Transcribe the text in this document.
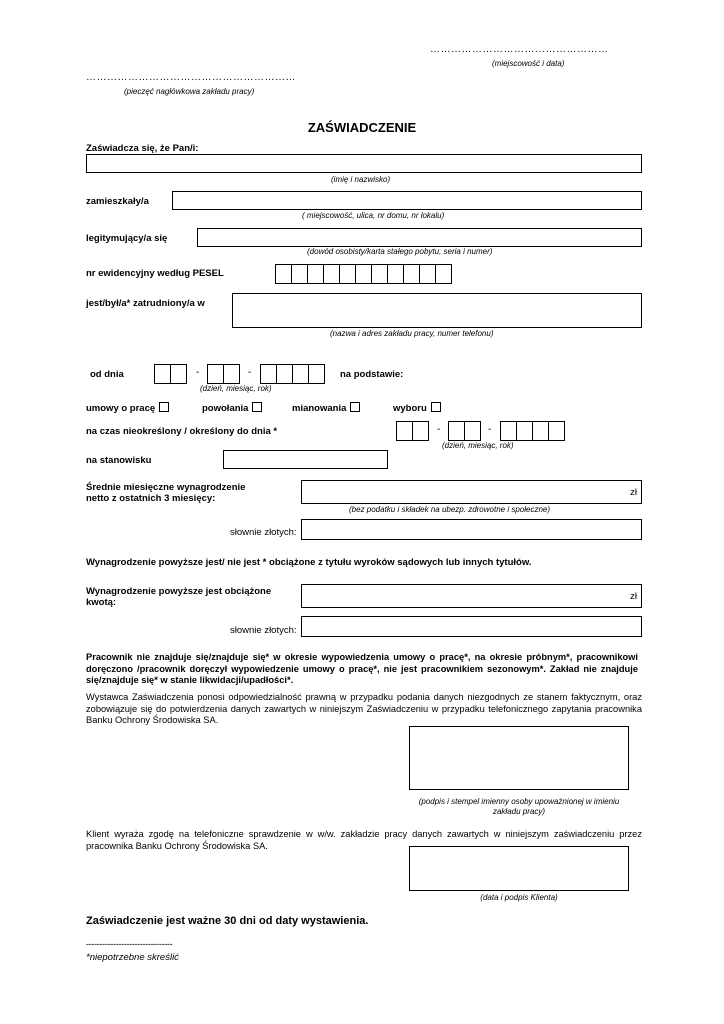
……………………………………………
(miejscowość i data)
……………………………………………………
(pieczęć nagłówkowa zakładu pracy)
ZAŚWIADCZENIE
Zaświadcza się, że Pan/i:
(imię i nazwisko)
zamieszkały/a
( miejscowość, ulica, nr domu, nr lokalu)
legitymujący/a się
(dowód osobisty/karta stałego pobytu, seria i numer)
nr ewidencyjny według PESEL
jest/był/a* zatrudniony/a w
(nazwa i adres zakładu pracy, numer telefonu)
od dnia	-	-
(dzień, miesiąc, rok)
na podstawie:
umowy o pracę	powołania	mianowania	wyboru
na czas nieokreślony / określony do dnia *	-	-
(dzień, miesiąc, rok)
na stanowisku
Średnie miesięczne wynagrodzenie
netto z ostatnich 3 miesięcy:
zł
(bez podatku i składek na ubezp. zdrowotne i społeczne)
słownie złotych:
Wynagrodzenie powyższe jest/ nie jest * obciążone z tytułu wyroków sądowych lub innych tytułów.
Wynagrodzenie powyższe jest obciążone
kwotą:
zł
słownie złotych:
Pracownik nie znajduje się/znajduje się* w okresie wypowiedzenia umowy o pracę*, na okresie próbnym*, pracownikowi doręczono /pracownik doręczył wypowiedzenie umowy o pracę*, nie jest pracownikiem sezonowym*. Zakład nie znajduje się/znajduje się* w stanie likwidacji/upadłości*.
Wystawca Zaświadczenia ponosi odpowiedzialność prawną w przypadku podania danych niezgodnych ze stanem faktycznym, oraz zobowiązuje się do potwierdzenia danych zawartych w niniejszym Zaświadczeniu w przypadku telefonicznego zapytania pracownika Banku Ochrony Środowiska SA.
(podpis i stempel imienny osoby upoważnionej w imieniu
zakładu pracy)
Klient wyraża zgodę na telefoniczne sprawdzenie w w/w. zakładzie pracy danych zawartych w niniejszym zaświadczeniu przez pracownika Banku Ochrony Środowiska SA.
(data i podpis Klienta)
Zaświadczenie jest ważne 30 dni od daty wystawienia.
--------------------------------
*niepotrzebne skreślić
